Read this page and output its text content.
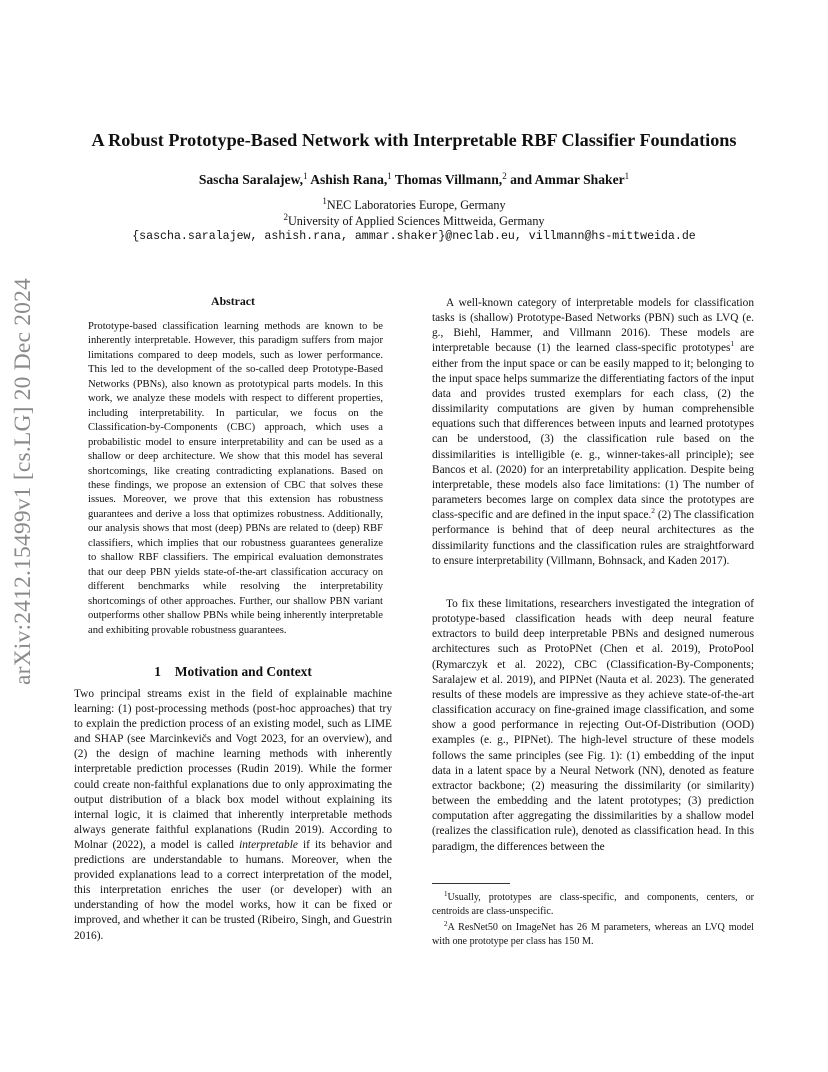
arXiv:2412.15499v1 [cs.LG] 20 Dec 2024
A Robust Prototype-Based Network with Interpretable RBF Classifier Foundations
Sascha Saralajew,$^1$ Ashish Rana,$^1$ Thomas Villmann,$^2$ and Ammar Shaker$^1$
$^1$NEC Laboratories Europe, Germany
$^2$University of Applied Sciences Mittweida, Germany
{sascha.saralajew, ashish.rana, ammar.shaker}@neclab.eu, villmann@hs-mittweida.de
Abstract

Prototype-based classification learning methods are known to be inherently interpretable. However, this paradigm suffers from major limitations compared to deep models, such as lower performance. This led to the development of the so-called deep Prototype-Based Networks (PBNs), also known as prototypical parts models. In this work, we analyze these models with respect to different properties, including interpretability. In particular, we focus on the Classification-by-Components (CBC) approach, which uses a probabilistic model to ensure interpretability and can be used as a shallow or deep architecture. We show that this model has several shortcomings, like creating contradicting explanations. Based on these findings, we propose an extension of CBC that solves these issues. Moreover, we prove that this extension has robustness guarantees and derive a loss that optimizes robustness. Additionally, our analysis shows that most (deep) PBNs are related to (deep) RBF classifiers, which implies that our robustness guarantees generalize to shallow RBF classifiers. The empirical evaluation demonstrates that our deep PBN yields state-of-the-art classification accuracy on different benchmarks while resolving the interpretability shortcomings of other approaches. Further, our shallow PBN variant outperforms other shallow PBNs while being inherently interpretable and exhibiting provable robustness guarantees.

1 Motivation and Context

Two principal streams exist in the field of explainable machine learning: (1) post-processing methods (post-hoc approaches) that try to explain the prediction process of an existing model, such as LIME and SHAP (see Marcinkevičs and Vogt 2023, for an overview), and (2) the design of machine learning methods with inherently interpretable prediction processes (Rudin 2019). While the former could create non-faithful explanations due to only approximating the output distribution of a black box model without explaining its internal logic, it is claimed that inherently interpretable methods always generate faithful explanations (Rudin 2019). According to Molnar (2022), a model is called interpretable if its behavior and predictions are understandable to humans. Moreover, when the provided explanations lead to a correct interpretation of the model, this interpretation enriches the user (or developer) with an understanding of how the model works, how it can be fixed or improved, and whether it can be trusted (Ribeiro, Singh, and Guestrin 2016).

A well-known category of interpretable models for classification tasks is (shallow) Prototype-Based Networks (PBN) such as LVQ (e. g., Biehl, Hammer, and Villmann 2016). These models are interpretable because (1) the learned class-specific prototypes$^1$ are either from the input space or can be easily mapped to it; belonging to the input space helps summarize the differentiating factors of the input data and provides trusted exemplars for each class, (2) the dissimilarity computations are given by human comprehensible equations such that differences between inputs and learned prototypes can be understood, (3) the classification rule based on the dissimilarities is intelligible (e. g., winner-takes-all principle); see Bancos et al. (2020) for an interpretability application. Despite being interpretable, these models also face limitations: (1) The number of parameters becomes large on complex data since the prototypes are class-specific and are defined in the input space.$^2$ (2) The classification performance is behind that of deep neural architectures as the dissimilarity functions and the classification rules are straightforward to ensure interpretability (Villmann, Bohnsack, and Kaden 2017).

To fix these limitations, researchers investigated the integration of prototype-based classification heads with deep neural feature extractors to build deep interpretable PBNs and designed numerous architectures such as ProtoPNet (Chen et al. 2019), ProtoPool (Rymarczyk et al. 2022), CBC (Classification-By-Components; Saralajew et al. 2019), and PIPNet (Nauta et al. 2023). The generated results of these models are impressive as they achieve state-of-the-art classification accuracy on fine-grained image classification, and some show a good performance in rejecting Out-Of-Distribution (OOD) examples (e. g., PIPNet). The high-level structure of these models follows the same principles (see Fig. 1): (1) embedding of the input data in a latent space by a Neural Network (NN), denoted as feature extractor backbone; (2) measuring the dissimilarity (or similarity) between the embedding and the latent prototypes; (3) prediction computation after aggregating the dissimilarities by a shallow model (realizes the classification rule), denoted as classification head. In this paradigm, the differences between the

$^1$Usually, prototypes are class-specific, and components, centers, or centroids are class-unspecific.

$^2$A ResNet50 on ImageNet has 26 M parameters, whereas an LVQ model with one prototype per class has 150 M.
